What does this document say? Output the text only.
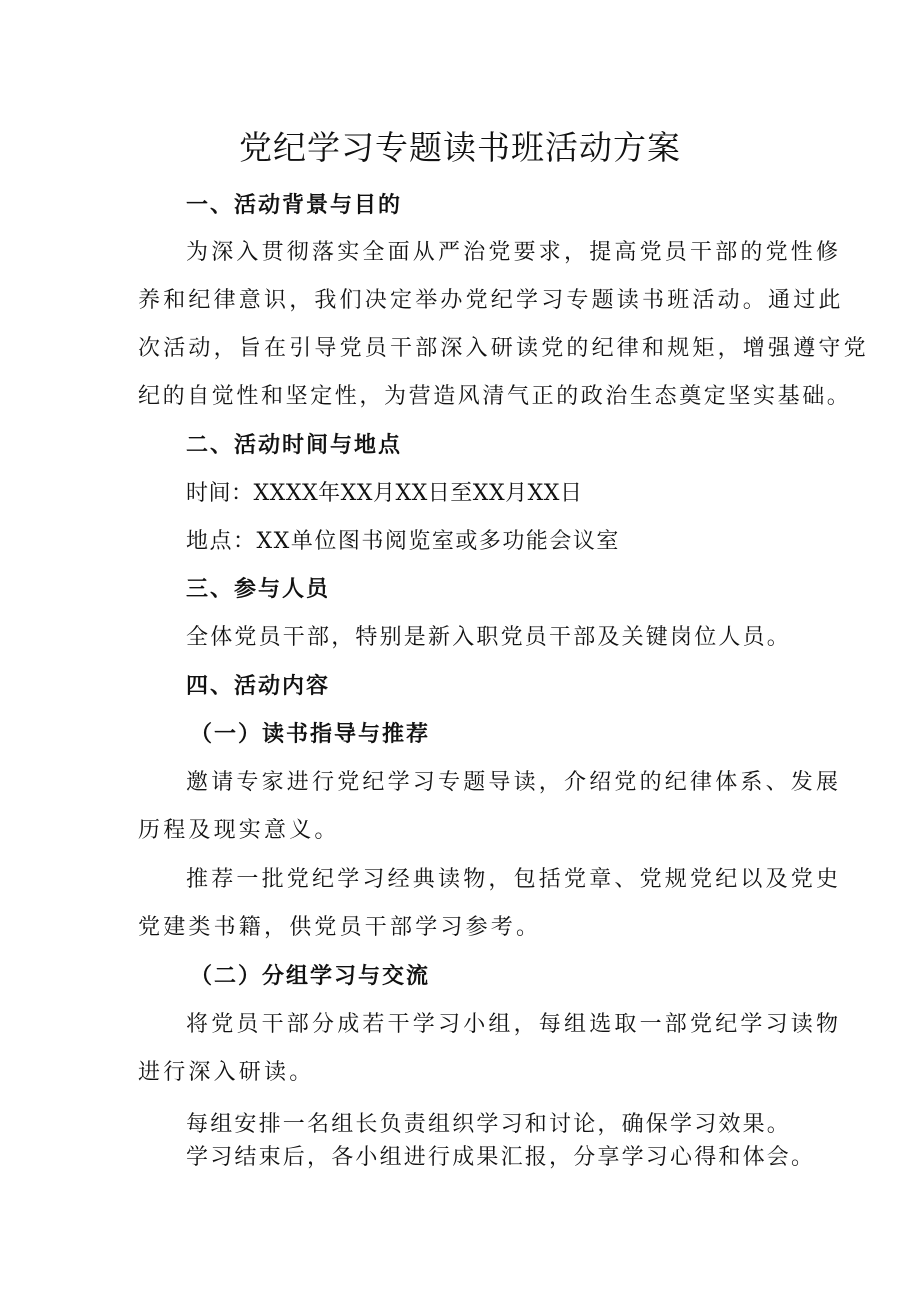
党纪学习专题读书班活动方案

一、活动背景与目的

为深入贯彻落实全面从严治党要求，提高党员干部的党性修

养和纪律意识，我们决定举办党纪学习专题读书班活动。通过此

次活动，旨在引导党员干部深入研读党的纪律和规矩，增强遵守党

纪的自觉性和坚定性，为营造风清气正的政治生态奠定坚实基础。

二、活动时间与地点

时间：XXXX年XX月XX日至XX月XX日

地点：XX单位图书阅览室或多功能会议室

三、参与人员

全体党员干部，特别是新入职党员干部及关键岗位人员。

四、活动内容

（一）读书指导与推荐

邀请专家进行党纪学习专题导读，介绍党的纪律体系、发展

历程及现实意义。

推荐一批党纪学习经典读物，包括党章、党规党纪以及党史

党建类书籍，供党员干部学习参考。

（二）分组学习与交流

将党员干部分成若干学习小组，每组选取一部党纪学习读物

进行深入研读。

每组安排一名组长负责组织学习和讨论，确保学习效果。

学习结束后，各小组进行成果汇报，分享学习心得和体会。
